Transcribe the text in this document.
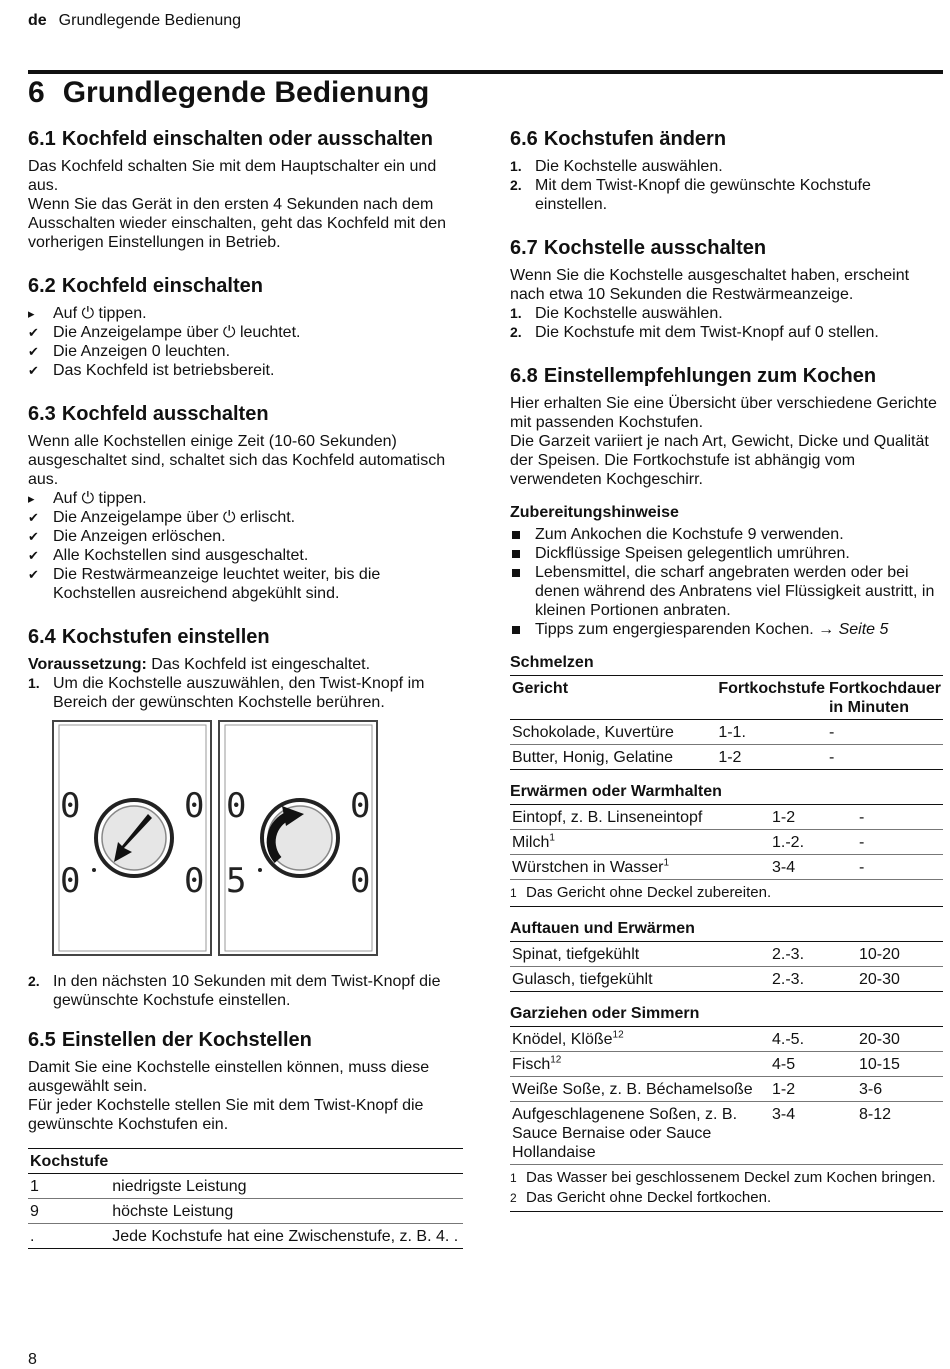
de Grundlegende Bedienung
6 Grundlegende Bedienung
6.1 Kochfeld einschalten oder ausschalten

Das Kochfeld schalten Sie mit dem Hauptschalter ein und aus.

Wenn Sie das Gerät in den ersten 4 Sekunden nach dem Ausschalten wieder einschalten, geht das Kochfeld mit den vorherigen Einstellungen in Betrieb.

6.2 Kochfeld einschalten
▸	Auf ⏻ tippen.
✔ Die Anzeigelampe über ⏻ leuchtet.
✔ Die Anzeigen 0 leuchten.
✔ Das Kochfeld ist betriebsbereit.
6.3 Kochfeld ausschalten

Wenn alle Kochstellen einige Zeit (10-60 Sekunden) ausgeschaltet sind, schaltet sich das Kochfeld automatisch aus.

▸	Auf ⏻ tippen.
✔ Die Anzeigelampe über ⏻ erlischt.
✔ Die Anzeigen erlöschen.
✔ Alle Kochstellen sind ausgeschaltet.
✔ Die Restwärmeanzeige leuchtet weiter, bis die Kochstellen ausreichend abgekühlt sind.
6.4 Kochstufen einstellen

Voraussetzung: Das Kochfeld ist eingeschaltet.

1. Um die Kochstelle auszuwählen, den Twist-Knopf im Bereich der gewünschten Kochstelle berühren.
0	0
0	0
0	0
5	0
2. In den nächsten 10 Sekunden mit dem Twist-Knopf die gewünschte Kochstufe einstellen.
6.5 Einstellen der Kochstellen

Damit Sie eine Kochstelle einstellen können, muss diese ausgewählt sein.

Für jeder Kochstelle stellen Sie mit dem Twist-Knopf die gewünschte Kochstufen ein.

Kochstufe	
1	niedrigste Leistung
9	höchste Leistung
.	Jede Kochstufe hat eine Zwischenstufe, z. B. 4. .
6.6 Kochstufen ändern
1. Die Kochstelle auswählen.
2. Mit dem Twist-Knopf die gewünschte Kochstufe einstellen.
6.7 Kochstelle ausschalten

Wenn Sie die Kochstelle ausgeschaltet haben, erscheint nach etwa 10 Sekunden die Restwärmeanzeige.

1. Die Kochstelle auswählen.
2. Die Kochstufe mit dem Twist-Knopf auf 0 stellen.
6.8 Einstellempfehlungen zum Kochen

Hier erhalten Sie eine Übersicht über verschiedene Gerichte mit passenden Kochstufen.

Die Garzeit variiert je nach Art, Gewicht, Dicke und Qualität der Speisen. Die Fortkochstufe ist abhängig vom verwendeten Kochgeschirr.

Zubereitungshinweise
Zum Ankochen die Kochstufe 9 verwenden.
Dickflüssige Speisen gelegentlich umrühren.
Lebensmittel, die scharf angebraten werden oder bei denen während des Anbratens viel Flüssigkeit austritt, in kleinen Portionen anbraten.
Tipps zum engergiesparenden Kochen. → Seite 5
Schmelzen
Gericht	Fortkochstufe	Fortkochdauer in Minuten
Schokolade, Kuvertüre	1-1.	-
Butter, Honig, Gelatine	1-2	-
Erwärmen oder Warmhalten
Eintopf, z. B. Linseneintopf	1-2	-
Milch$^1$	1.-2.	-
Würstchen in Wasser$^1$	3-4	-
1 Das Gericht ohne Deckel zubereiten.
Auftauen und Erwärmen
Spinat, tiefgekühlt	2.-3.	10-20
Gulasch, tiefgekühlt	2.-3.	20-30
Garziehen oder Simmern
Knödel, Klöße$^{12}$	4.-5.	20-30
Fisch$^{12}$	4-5	10-15
Weiße Soße, z. B. Béchamelsoße	1-2	3-6
Aufgeschlagenene Soßen, z. B. Sauce Bernaise oder Sauce Hollandaise	3-4	8-12
1 Das Wasser bei geschlossenem Deckel zum Kochen bringen.
2 Das Gericht ohne Deckel fortkochen.
8
